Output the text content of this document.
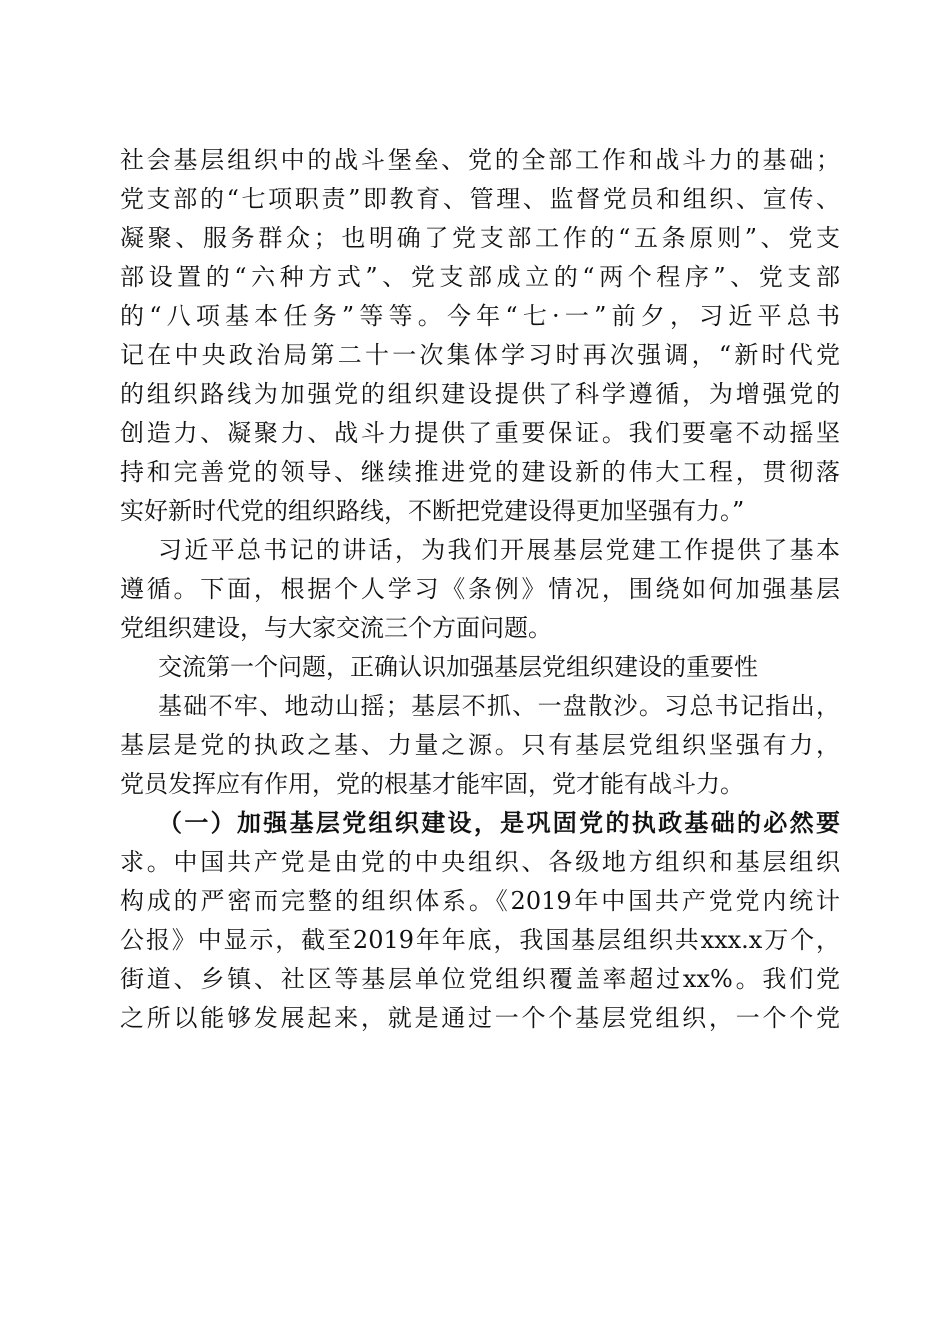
社会基层组织中的战斗堡垒、党的全部工作和战斗力的基础；
党支部的“七项职责”即教育、管理、监督党员和组织、宣传、
凝聚、服务群众；也明确了党支部工作的“五条原则”、党支
部设置的“六种方式”、党支部成立的“两个程序”、党支部
的“八项基本任务”等等。今年“七·一”前夕，习近平总书
记在中央政治局第二十一次集体学习时再次强调，“新时代党
的组织路线为加强党的组织建设提供了科学遵循，为增强党的
创造力、凝聚力、战斗力提供了重要保证。我们要毫不动摇坚
持和完善党的领导、继续推进党的建设新的伟大工程，贯彻落
实好新时代党的组织路线，不断把党建设得更加坚强有力。”
习近平总书记的讲话，为我们开展基层党建工作提供了基本
遵循。下面，根据个人学习《条例》情况，围绕如何加强基层
党组织建设，与大家交流三个方面问题。
交流第一个问题，正确认识加强基层党组织建设的重要性
基础不牢、地动山摇；基层不抓、一盘散沙。习总书记指出，
基层是党的执政之基、力量之源。只有基层党组织坚强有力，
党员发挥应有作用，党的根基才能牢固，党才能有战斗力。
（一）加强基层党组织建设，是巩固党的执政基础的必然要
求。中国共产党是由党的中央组织、各级地方组织和基层组织
构成的严密而完整的组织体系。《2019年中国共产党党内统计
公报》中显示，截至2019年年底，我国基层组织共xxx.x万个，
街道、乡镇、社区等基层单位党组织覆盖率超过xx%。我们党
之所以能够发展起来，就是通过一个个基层党组织，一个个党
